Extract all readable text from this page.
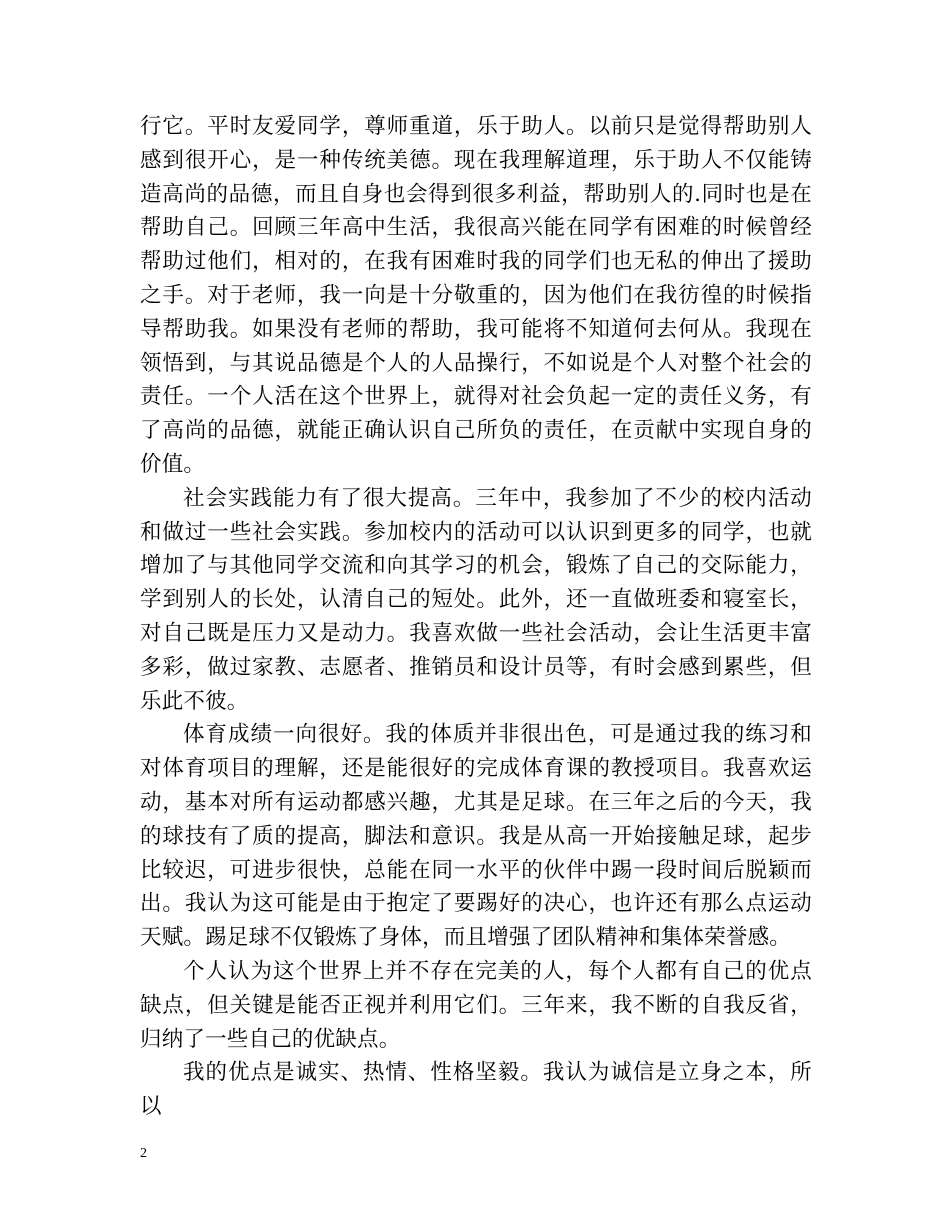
行它。平时友爱同学，尊师重道，乐于助人。以前只是觉得帮助别人感到很开心，是一种传统美德。现在我理解道理，乐于助人不仅能铸造高尚的品德，而且自身也会得到很多利益，帮助别人的.同时也是在帮助自己。回顾三年高中生活，我很高兴能在同学有困难的时候曾经帮助过他们，相对的，在我有困难时我的同学们也无私的伸出了援助之手。对于老师，我一向是十分敬重的，因为他们在我彷徨的时候指导帮助我。如果没有老师的帮助，我可能将不知道何去何从。我现在领悟到，与其说品德是个人的人品操行，不如说是个人对整个社会的责任。一个人活在这个世界上，就得对社会负起一定的责任义务，有了高尚的品德，就能正确认识自己所负的责任，在贡献中实现自身的价值。

社会实践能力有了很大提高。三年中，我参加了不少的校内活动和做过一些社会实践。参加校内的活动可以认识到更多的同学，也就增加了与其他同学交流和向其学习的机会，锻炼了自己的交际能力，学到别人的长处，认清自己的短处。此外，还一直做班委和寝室长，对自己既是压力又是动力。我喜欢做一些社会活动，会让生活更丰富多彩，做过家教、志愿者、推销员和设计员等，有时会感到累些，但乐此不彼。

体育成绩一向很好。我的体质并非很出色，可是通过我的练习和对体育项目的理解，还是能很好的完成体育课的教授项目。我喜欢运动，基本对所有运动都感兴趣，尤其是足球。在三年之后的今天，我的球技有了质的提高，脚法和意识。我是从高一开始接触足球，起步比较迟，可进步很快，总能在同一水平的伙伴中踢一段时间后脱颖而出。我认为这可能是由于抱定了要踢好的决心，也许还有那么点运动天赋。踢足球不仅锻炼了身体，而且增强了团队精神和集体荣誉感。

个人认为这个世界上并不存在完美的人，每个人都有自己的优点缺点，但关键是能否正视并利用它们。三年来，我不断的自我反省，归纳了一些自己的优缺点。

我的优点是诚实、热情、性格坚毅。我认为诚信是立身之本，所以

2
